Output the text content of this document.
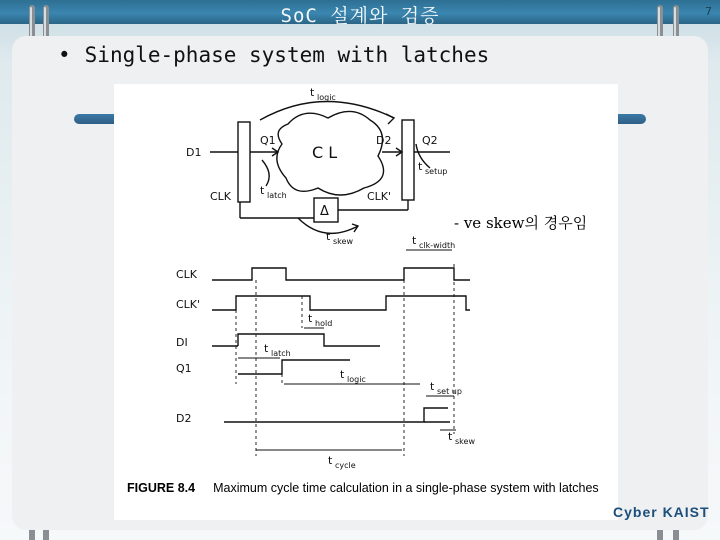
SoC 설계와 검증	7
• Single-phase system with latches
D1
Q1
C L
D2	Q2
CLK	CLK'
Δ
t logic
t setup
t latch
t skew
CLK
CLK'
DI
Q1
D2
t clk-width
t hold
t latch
t logic
t set up
t skew
t cycle
- ve skew의 경우임
FIGURE 8.4 Maximum cycle time calculation in a single-phase system with latches
Cyber KAIST
